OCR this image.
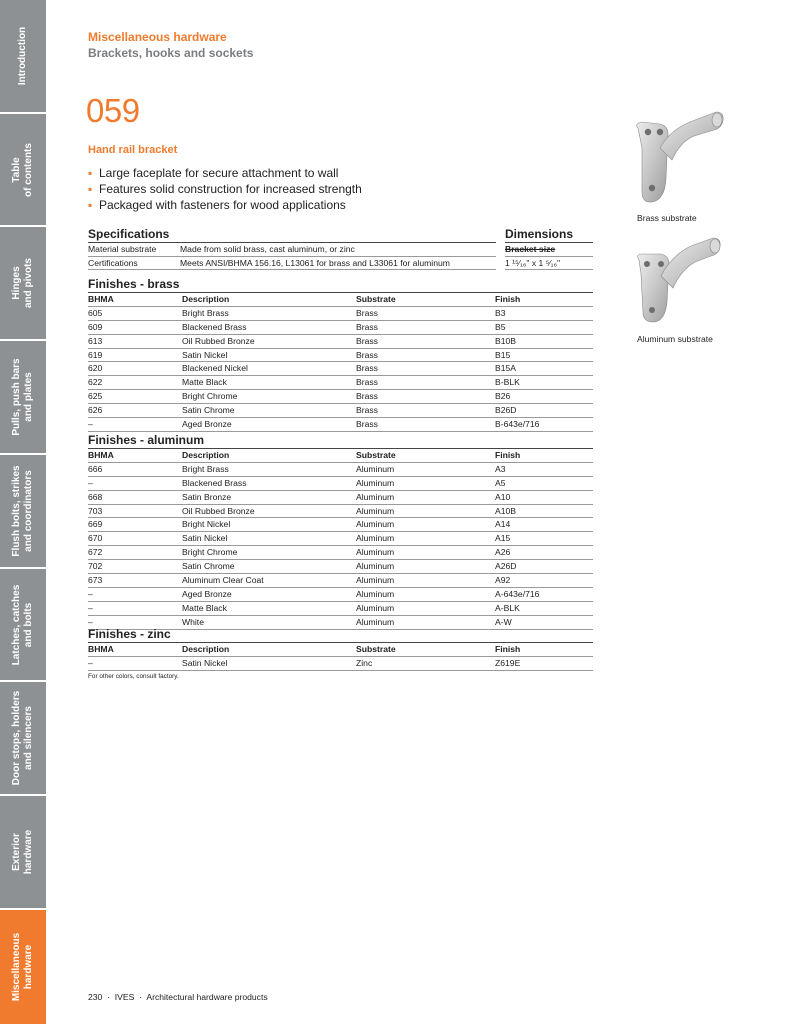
Introduction
Table of contents
Hinges and pivots
Pulls, push bars and plates
Flush bolts, strikes and coordinators
Latches, catches and bolts
Door stops, holders and silencers
Exterior hardware
Miscellaneous hardware
Miscellaneous hardware
Brackets, hooks and sockets
059
Hand rail bracket
▪ Large faceplate for secure attachment to wall
▪ Features solid construction for increased strength
▪ Packaged with fasteners for wood applications
Brass substrate
Aluminum substrate
Specifications
Material substrate	Made from solid brass, cast aluminum, or zinc
Certifications	Meets ANSI/BHMA 156.16, L13061 for brass and L33061 for aluminum
Dimensions
Bracket size
1 ¹⁵⁄₁₆" x 1 ⁵⁄₁₆"
Finishes - brass
BHMA	Description	Substrate	Finish
605	Bright Brass	Brass	B3
609	Blackened Brass	Brass	B5
613	Oil Rubbed Bronze	Brass	B10B
619	Satin Nickel	Brass	B15
620	Blackened Nickel	Brass	B15A
622	Matte Black	Brass	B-BLK
625	Bright Chrome	Brass	B26
626	Satin Chrome	Brass	B26D
–	Aged Bronze	Brass	B-643e/716
Finishes - aluminum
BHMA	Description	Substrate	Finish
666	Bright Brass	Aluminum	A3
–	Blackened Brass	Aluminum	A5
668	Satin Bronze	Aluminum	A10
703	Oil Rubbed Bronze	Aluminum	A10B
669	Bright Nickel	Aluminum	A14
670	Satin Nickel	Aluminum	A15
672	Bright Chrome	Aluminum	A26
702	Satin Chrome	Aluminum	A26D
673	Aluminum Clear Coat	Aluminum	A92
–	Aged Bronze	Aluminum	A-643e/716
–	Matte Black	Aluminum	A-BLK
–	White	Aluminum	A-W
Finishes - zinc
BHMA	Description	Substrate	Finish
–	Satin Nickel	Zinc	Z619E
For other colors, consult factory.
230 · IVES · Architectural hardware products
